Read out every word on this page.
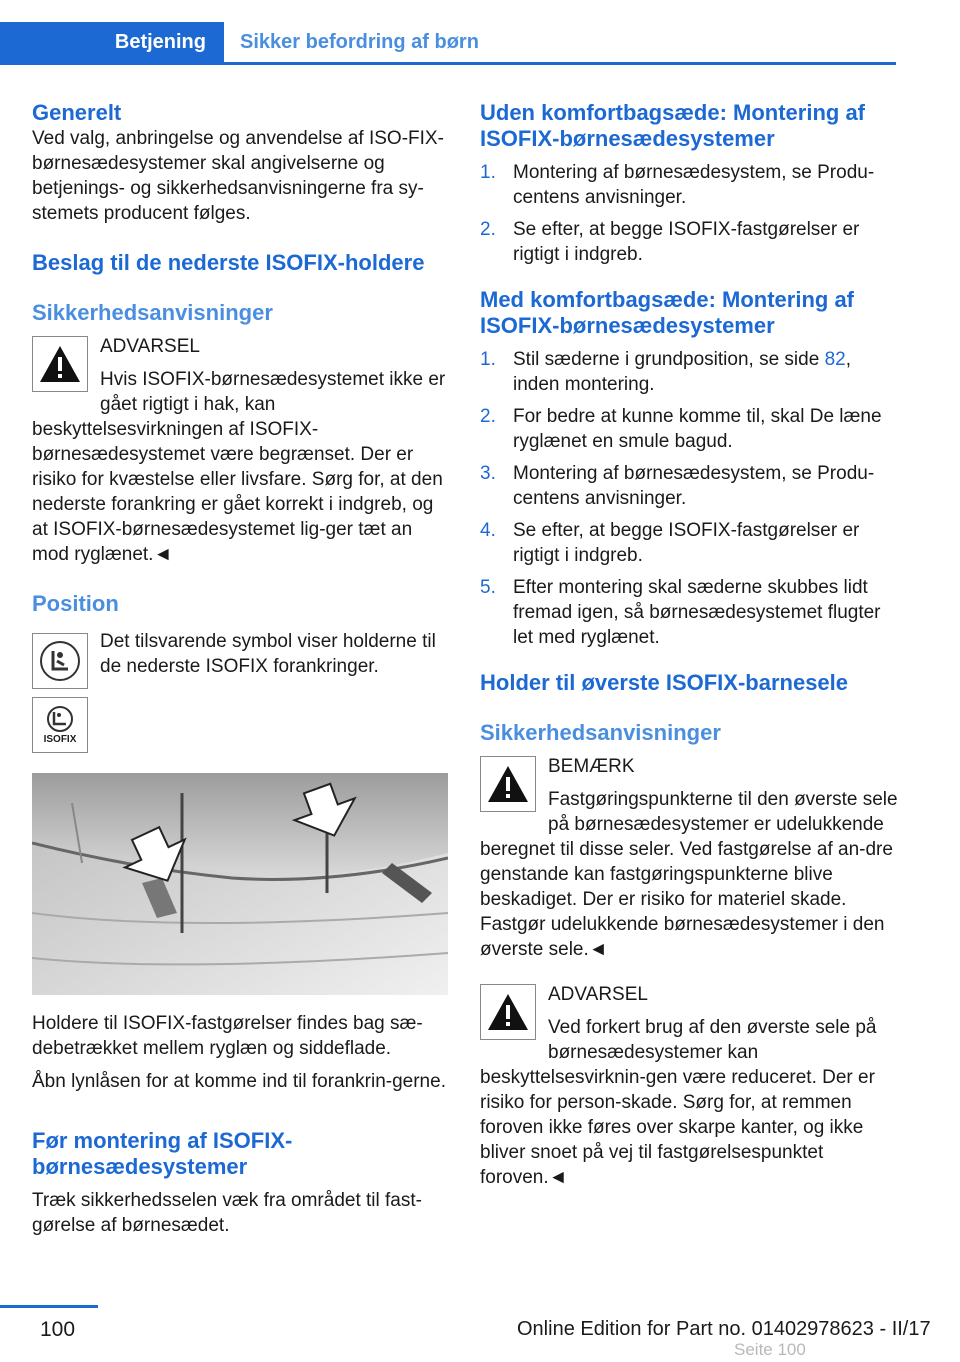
Betjening	Sikker befordring af børn
Generelt

Ved valg, anbringelse og anvendelse af ISO-FIX-børnesædesystemer skal angivelserne og betjenings- og sikkerhedsanvisningerne fra sy-stemets producent følges.

Beslag til de nederste ISOFIX-holdere
Sikkerhedsanvisninger

ADVARSEL

Hvis ISOFIX-børnesædesystemet ikke er gået rigtigt i hak, kan beskyttelsesvirkningen af ISOFIX-børnesædesystemet være begrænset. Der er risiko for kvæstelse eller livsfare. Sørg for, at den nederste forankring er gået korrekt i indgreb, og at ISOFIX-børnesædesystemet lig-ger tæt an mod ryglænet.◄

Position

Det tilsvarende symbol viser holderne til de nederste ISOFIX forankringer.

ISOFIX

Holdere til ISOFIX-fastgørelser findes bag sæ-debetrækket mellem ryglæn og siddeflade.

Åbn lynlåsen for at komme ind til forankrin-gerne.

Før montering af ISOFIX-børnesædesystemer

Træk sikkerhedsselen væk fra området til fast-gørelse af børnesædet.

Uden komfortbagsæde: Montering af ISOFIX-børnesædesystemer
1. Montering af børnesædesystem, se Produ-centens anvisninger.
2. Se efter, at begge ISOFIX-fastgørelser er rigtigt i indgreb.
Med komfortbagsæde: Montering af ISOFIX-børnesædesystemer
1. Stil sæderne i grundposition, se side 82, inden montering.
2. For bedre at kunne komme til, skal De læne ryglænet en smule bagud.
3. Montering af børnesædesystem, se Produ-centens anvisninger.
4. Se efter, at begge ISOFIX-fastgørelser er rigtigt i indgreb.
5. Efter montering skal sæderne skubbes lidt fremad igen, så børnesædesystemet flugter let med ryglænet.
Holder til øverste ISOFIX-barnesele
Sikkerhedsanvisninger

BEMÆRK

Fastgøringspunkterne til den øverste sele på børnesædesystemer er udelukkende beregnet til disse seler. Ved fastgørelse af an-dre genstande kan fastgøringspunkterne blive beskadiget. Der er risiko for materiel skade. Fastgør udelukkende børnesædesystemer i den øverste sele.◄

ADVARSEL

Ved forkert brug af den øverste sele på børnesædesystemer kan beskyttelsesvirknin-gen være reduceret. Der er risiko for person-skade. Sørg for, at remmen foroven ikke føres over skarpe kanter, og ikke bliver snoet på vej til fastgørelsespunktet foroven.◄

100	Online Edition for Part no. 01402978623 - II/17
Seite 100
